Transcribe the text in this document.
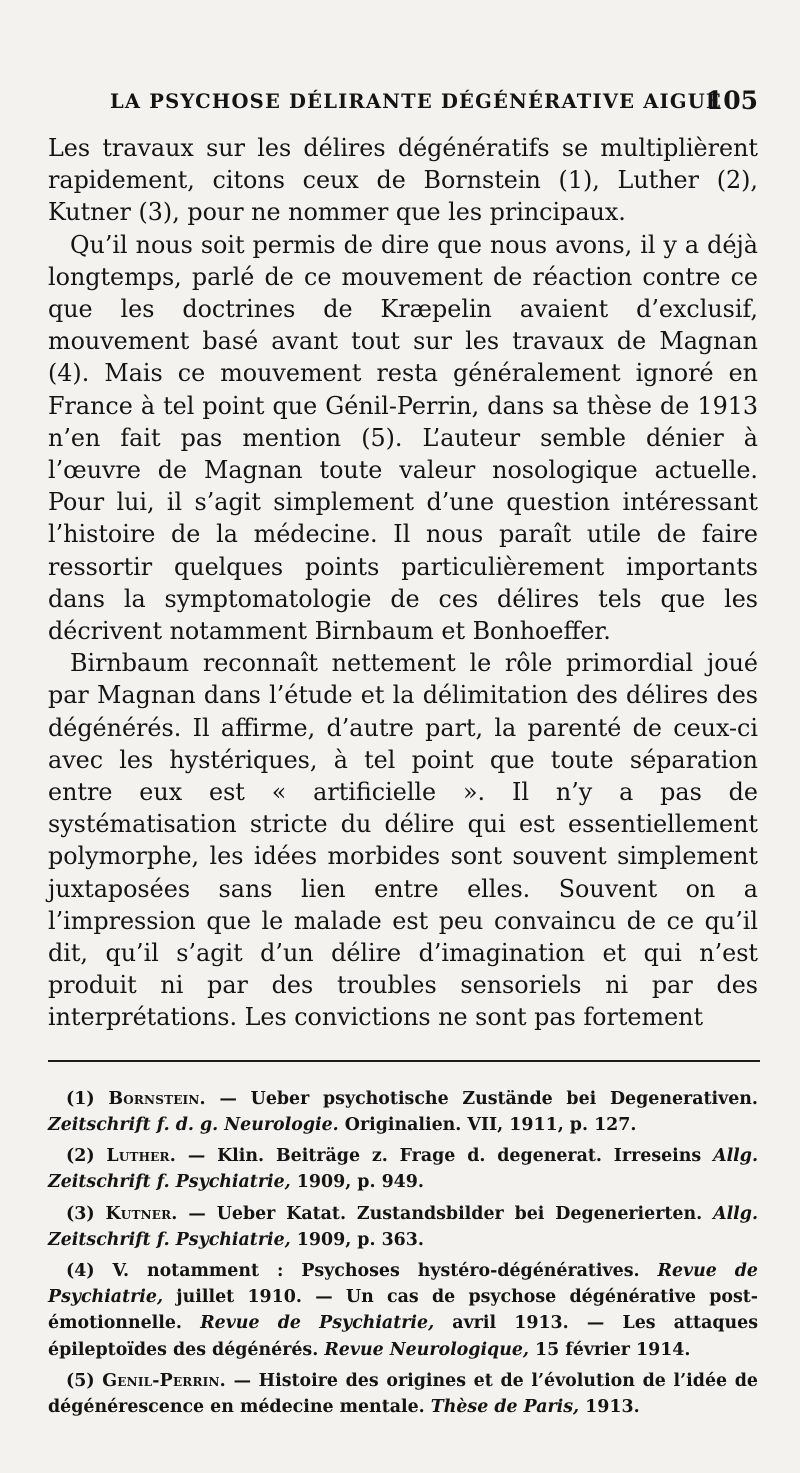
LA PSYCHOSE DÉLIRANTE DÉGÉNÉRATIVE AIGUE
105

Les travaux sur les délires dégénératifs se multiplièrent rapidement, citons ceux de Bornstein (1), Luther (2), Kutner (3), pour ne nommer que les principaux.

Qu’il nous soit permis de dire que nous avons, il y a déjà longtemps, parlé de ce mouvement de réaction contre ce que les doctrines de Kræpelin avaient d’exclusif, mouvement basé avant tout sur les travaux de Magnan (4). Mais ce mouvement resta généralement ignoré en France à tel point que Génil-Perrin, dans sa thèse de 1913 n’en fait pas mention (5). L’auteur semble dénier à l’œuvre de Magnan toute valeur nosologique actuelle. Pour lui, il s’agit simplement d’une question intéressant l’histoire de la médecine. Il nous paraît utile de faire ressortir quelques points particulièrement importants dans la symptomatologie de ces délires tels que les décrivent notamment Birnbaum et Bonhoeffer.

Birnbaum reconnaît nettement le rôle primordial joué par Magnan dans l’étude et la délimitation des délires des dégénérés. Il affirme, d’autre part, la parenté de ceux-ci avec les hystériques, à tel point que toute séparation entre eux est « artificielle ». Il n’y a pas de systématisation stricte du délire qui est essentiellement polymorphe, les idées morbides sont souvent simplement juxtaposées sans lien entre elles. Souvent on a l’impression que le malade est peu convaincu de ce qu’il dit, qu’il s’agit d’un délire d’imagination et qui n’est produit ni par des troubles sensoriels ni par des interprétations. Les convictions ne sont pas fortement

(1) Bornstein. — Ueber psychotische Zustände bei Degenerativen. Zeitschrift f. d. g. Neurologie. Originalien. VII, 1911, p. 127.

(2) Luther. — Klin. Beiträge z. Frage d. degenerat. Irreseins Allg. Zeitschrift f. Psychiatrie, 1909, p. 949.

(3) Kutner. — Ueber Katat. Zustandsbilder bei Degenerierten. Allg. Zeitschrift f. Psychiatrie, 1909, p. 363.

(4) V. notamment : Psychoses hystéro-dégénératives. Revue de Psychiatrie, juillet 1910. — Un cas de psychose dégénérative post-émotionnelle. Revue de Psychiatrie, avril 1913. — Les attaques épileptoïdes des dégénérés. Revue Neurologique, 15 février 1914.

(5) Genil-Perrin. — Histoire des origines et de l’évolution de l’idée de dégénérescence en médecine mentale. Thèse de Paris, 1913.
